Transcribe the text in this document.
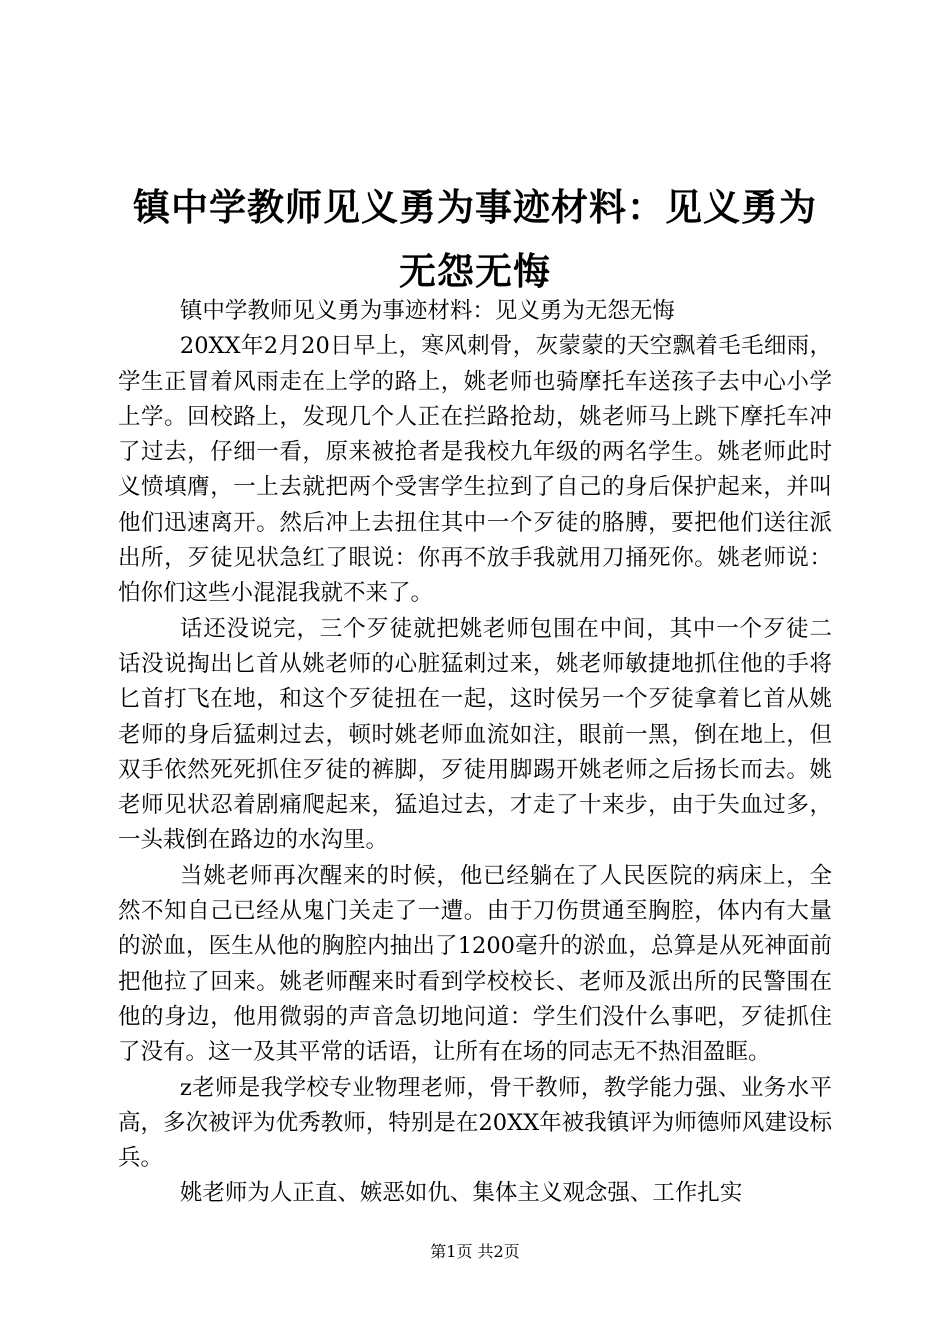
镇中学教师见义勇为事迹材料：见义勇为无怨无悔

镇中学教师见义勇为事迹材料：见义勇为无怨无悔

20XX年2月20日早上，寒风刺骨，灰蒙蒙的天空飘着毛毛细雨，学生正冒着风雨走在上学的路上，姚老师也骑摩托车送孩子去中心小学上学。回校路上，发现几个人正在拦路抢劫，姚老师马上跳下摩托车冲了过去，仔细一看，原来被抢者是我校九年级的两名学生。姚老师此时义愤填膺，一上去就把两个受害学生拉到了自己的身后保护起来，并叫他们迅速离开。然后冲上去扭住其中一个歹徒的胳膊，要把他们送往派出所，歹徒见状急红了眼说：你再不放手我就用刀捅死你。姚老师说：怕你们这些小混混我就不来了。

话还没说完，三个歹徒就把姚老师包围在中间，其中一个歹徒二话没说掏出匕首从姚老师的心脏猛刺过来，姚老师敏捷地抓住他的手将匕首打飞在地，和这个歹徒扭在一起，这时侯另一个歹徒拿着匕首从姚老师的身后猛刺过去，顿时姚老师血流如注，眼前一黑，倒在地上，但双手依然死死抓住歹徒的裤脚，歹徒用脚踢开姚老师之后扬长而去。姚老师见状忍着剧痛爬起来，猛追过去，才走了十来步，由于失血过多，一头栽倒在路边的水沟里。

当姚老师再次醒来的时候，他已经躺在了人民医院的病床上，全然不知自己已经从鬼门关走了一遭。由于刀伤贯通至胸腔，体内有大量的淤血，医生从他的胸腔内抽出了1200毫升的淤血，总算是从死神面前把他拉了回来。姚老师醒来时看到学校校长、老师及派出所的民警围在他的身边，他用微弱的声音急切地问道：学生们没什么事吧，歹徒抓住了没有。这一及其平常的话语，让所有在场的同志无不热泪盈眶。

z老师是我学校专业物理老师，骨干教师，教学能力强、业务水平高，多次被评为优秀教师，特别是在20XX年被我镇评为师德师风建设标兵。

姚老师为人正直、嫉恶如仇、集体主义观念强、工作扎实

第1页 共2页
